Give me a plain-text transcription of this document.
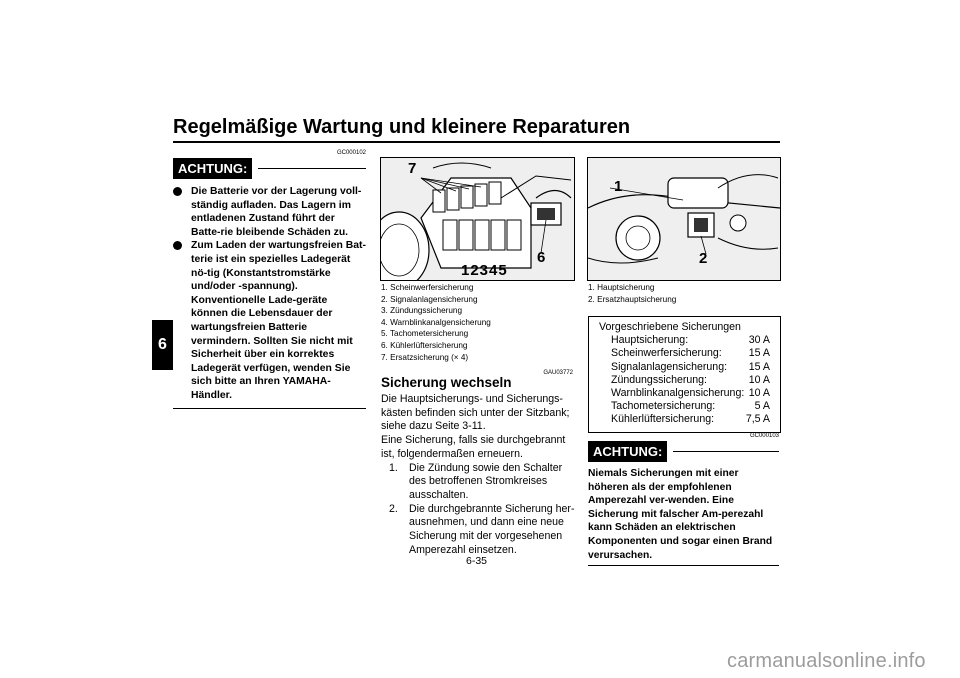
Regelmäßige Wartung und kleinere Reparaturen
6
GC000102
ACHTUNG:
Die Batterie vor der Lagerung voll-ständig aufladen. Das Lagern im entladenen Zustand führt der Batte-rie bleibende Schäden zu.
Zum Laden der wartungsfreien Bat-terie ist ein spezielles Ladegerät nö-tig (Konstantstromstärke und/oder -spannung). Konventionelle Lade-geräte können die Lebensdauer der wartungsfreien Batterie vermindern. Sollten Sie nicht mit Sicherheit über ein korrektes Ladegerät verfügen, wenden Sie sich bitte an Ihren YAMAHA-Händler.
7
6
12345
1. Scheinwerfersicherung
2. Signalanlagensicherung
3. Zündungssicherung
4. Warnblinkanalgensicherung
5. Tachometersicherung
6. Kühlerlüftersicherung
7. Ersatzsicherung (× 4)
GAU03772
Sicherung wechseln
Die Hauptsicherungs- und Sicherungs-kästen befinden sich unter der Sitzbank; siehe dazu Seite 3-11.
Eine Sicherung, falls sie durchgebrannt ist, folgendermaßen erneuern.
1.	Die Zündung sowie den Schalter des betroffenen Stromkreises ausschalten.
2.	Die durchgebrannte Sicherung her-ausnehmen, und dann eine neue Sicherung mit der vorgesehenen Amperezahl einsetzen.
1
2
1. Hauptsicherung
2. Ersatzhauptsicherung
Vorgeschriebene Sicherungen
Hauptsicherung:	30 A
Scheinwerfersicherung:	15 A
Signalanlagensicherung:	15 A
Zündungssicherung:	10 A
Warnblinkanalgensicherung: 10 A
Tachometersicherung:	5 A
Kühlerlüftersicherung:	7,5 A
GC000103
ACHTUNG:
Niemals Sicherungen mit einer höheren als der empfohlenen Amperezahl ver-wenden. Eine Sicherung mit falscher Am-perezahl kann Schäden an elektrischen Komponenten und sogar einen Brand verursachen.
6-35
carmanualsonline.info
